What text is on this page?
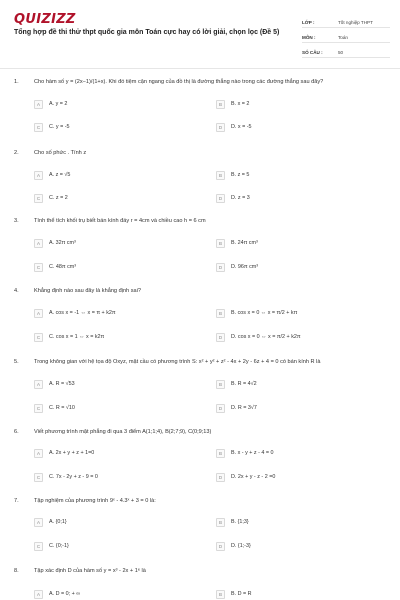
QUIZIZZ
Tổng hợp đề thi thử thpt quốc gia môn Toán cực hay có lời giải, chọn lọc (Đề 5)
LỚP :	Tốt nghiệp THPT
MÔN :	Toán
SỐ CÂU :	50
1.	Cho hàm số y = (2x−1)/(1+x). Khi đó tiệm cận ngang của đồ thị là đường thẳng nào trong các đường thẳng sau đây?
A	A. y = 2	B	B. x = 2
C	C. y = -5	D	D. x = -5
2.	Cho số phức . Tính z
A	A. z = √5	B	B. z = 5
C	C. z = 2	D	D. z = 3
3.	Tính thể tích khối trụ biết bán kính đáy r = 4cm và chiều cao h = 6 cm
A	A. 32π cm³	B	B. 24π cm³
C	C. 48π cm³	D	D. 96π cm³
4.	Khẳng định nào sau đây là khẳng định sai?
A	A. cos x = -1 ⇔ x = π + k2π	B	B. cos x = 0 ⇔ x = π/2 + kπ
C	C. cos x = 1 ⇔ x = k2π	D	D. cos x = 0 ⇔ x = π/2 + k2π
5.	Trong không gian với hệ tọa độ Oxyz, mặt cầu có phương trình S: x² + y² + z² - 4x + 2y - 6z + 4 = 0 có bán kính R là
A	A. R = √53	B	B. R = 4√2
C	C. R = √10	D	D. R = 3√7
6.	Viết phương trình mặt phẳng đi qua 3 điểm A(1;1;4), B(2;7;9), C(0;9;13)
A	A. 2x + y + z + 1=0	B	B. x - y + z - 4 = 0
C	C. 7x - 2y + z - 9 = 0	D	D. 2x + y - z - 2 =0
7.	Tập nghiệm của phương trình 9ˣ - 4.3ˣ + 3 = 0 là:
A	A. {0;1}	B	B. {1;3}
C	C. {0;-1}	D	D. {1;-3}
8.	Tập xác định D của hàm số y = x³ - 2x + 1ᵉ là
A	A. D = 0; + ∞	B	B. D = R
